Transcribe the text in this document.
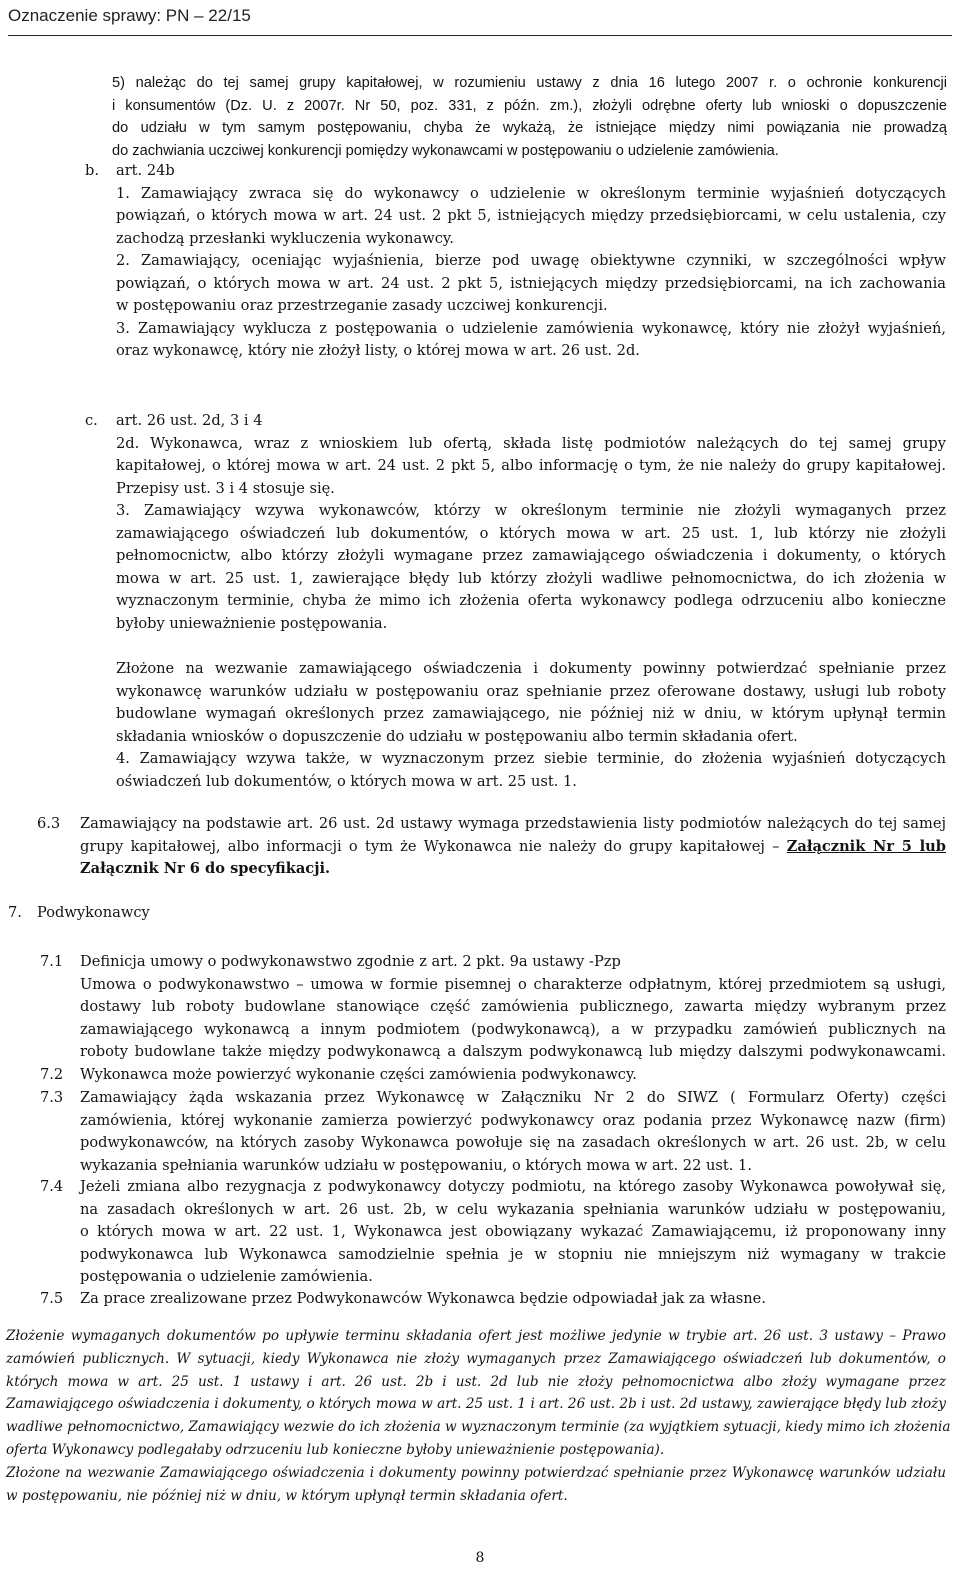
Oznaczenie sprawy: PN – 22/15
5) należąc do tej samej grupy kapitałowej, w rozumieniu ustawy z dnia 16 lutego 2007 r. o ochronie konkurencji
i konsumentów (Dz. U. z 2007r. Nr 50, poz. 331, z późn. zm.), złożyli odrębne oferty lub wnioski o dopuszczenie
do udziału w tym samym postępowaniu, chyba że wykażą, że istniejące między nimi powiązania nie prowadzą
do zachwiania uczciwej konkurencji pomiędzy wykonawcami w postępowaniu o udzielenie zamówienia.
b. art. 24b
1. Zamawiający zwraca się do wykonawcy o udzielenie w określonym terminie wyjaśnień dotyczących
powiązań, o których mowa w art. 24 ust. 2 pkt 5, istniejących między przedsiębiorcami, w celu ustalenia, czy
zachodzą przesłanki wykluczenia wykonawcy.
2. Zamawiający, oceniając wyjaśnienia, bierze pod uwagę obiektywne czynniki, w szczególności wpływ
powiązań, o których mowa w art. 24 ust. 2 pkt 5, istniejących między przedsiębiorcami, na ich zachowania
w postępowaniu oraz przestrzeganie zasady uczciwej konkurencji.
3. Zamawiający wyklucza z postępowania o udzielenie zamówienia wykonawcę, który nie złożył wyjaśnień,
oraz wykonawcę, który nie złożył listy, o której mowa w art. 26 ust. 2d.
c. art. 26 ust. 2d, 3 i 4
2d. Wykonawca, wraz z wnioskiem lub ofertą, składa listę podmiotów należących do tej samej grupy
kapitałowej, o której mowa w art. 24 ust. 2 pkt 5, albo informację o tym, że nie należy do grupy kapitałowej.
Przepisy ust. 3 i 4 stosuje się.
3. Zamawiający wzywa wykonawców, którzy w określonym terminie nie złożyli wymaganych przez
zamawiającego oświadczeń lub dokumentów, o których mowa w art. 25 ust. 1, lub którzy nie złożyli
pełnomocnictw, albo którzy złożyli wymagane przez zamawiającego oświadczenia i dokumenty, o których
mowa w art. 25 ust. 1, zawierające błędy lub którzy złożyli wadliwe pełnomocnictwa, do ich złożenia w
wyznaczonym terminie, chyba że mimo ich złożenia oferta wykonawcy podlega odrzuceniu albo konieczne
byłoby unieważnienie postępowania.
Złożone na wezwanie zamawiającego oświadczenia i dokumenty powinny potwierdzać spełnianie przez
wykonawcę warunków udziału w postępowaniu oraz spełnianie przez oferowane dostawy, usługi lub roboty
budowlane wymagań określonych przez zamawiającego, nie później niż w dniu, w którym upłynął termin
składania wniosków o dopuszczenie do udziału w postępowaniu albo termin składania ofert.
4. Zamawiający wzywa także, w wyznaczonym przez siebie terminie, do złożenia wyjaśnień dotyczących
oświadczeń lub dokumentów, o których mowa w art. 25 ust. 1.
6.3 Zamawiający na podstawie art. 26 ust. 2d ustawy wymaga przedstawienia listy podmiotów należących do tej samej
grupy kapitałowej, albo informacji o tym że Wykonawca nie należy do grupy kapitałowej – Załącznik Nr 5 lub
Załącznik Nr 6 do specyfikacji.
7. Podwykonawcy
7.1 Definicja umowy o podwykonawstwo zgodnie z art. 2 pkt. 9a ustawy -Pzp
Umowa o podwykonawstwo – umowa w formie pisemnej o charakterze odpłatnym, której przedmiotem są usługi,
dostawy lub roboty budowlane stanowiące część zamówienia publicznego, zawarta między wybranym przez
zamawiającego wykonawcą a innym podmiotem (podwykonawcą), a w przypadku zamówień publicznych na
roboty budowlane także między podwykonawcą a dalszym podwykonawcą lub między dalszymi podwykonawcami.
7.2 Wykonawca może powierzyć wykonanie części zamówienia podwykonawcy.
7.3 Zamawiający żąda wskazania przez Wykonawcę w Załączniku Nr 2 do SIWZ ( Formularz Oferty) części
zamówienia, której wykonanie zamierza powierzyć podwykonawcy oraz podania przez Wykonawcę nazw (firm)
podwykonawców, na których zasoby Wykonawca powołuje się na zasadach określonych w art. 26 ust. 2b, w celu
wykazania spełniania warunków udziału w postępowaniu, o których mowa w art. 22 ust. 1.
7.4 Jeżeli zmiana albo rezygnacja z podwykonawcy dotyczy podmiotu, na którego zasoby Wykonawca powoływał się,
na zasadach określonych w art. 26 ust. 2b, w celu wykazania spełniania warunków udziału w postępowaniu,
o których mowa w art. 22 ust. 1, Wykonawca jest obowiązany wykazać Zamawiającemu, iż proponowany inny
podwykonawca lub Wykonawca samodzielnie spełnia je w stopniu nie mniejszym niż wymagany w trakcie
postępowania o udzielenie zamówienia.
7.5 Za prace zrealizowane przez Podwykonawców Wykonawca będzie odpowiadał jak za własne.
Złożenie wymaganych dokumentów po upływie terminu składania ofert jest możliwe jedynie w trybie art. 26 ust. 3 ustawy – Prawo
zamówień publicznych. W sytuacji, kiedy Wykonawca nie złoży wymaganych przez Zamawiającego oświadczeń lub dokumentów, o
których mowa w art. 25 ust. 1 ustawy i art. 26 ust. 2b i ust. 2d lub nie złoży pełnomocnictwa albo złoży wymagane przez
Zamawiającego oświadczenia i dokumenty, o których mowa w art. 25 ust. 1 i art. 26 ust. 2b i ust. 2d ustawy, zawierające błędy lub złoży
wadliwe pełnomocnictwo, Zamawiający wezwie do ich złożenia w wyznaczonym terminie (za wyjątkiem sytuacji, kiedy mimo ich złożenia
oferta Wykonawcy podlegałaby odrzuceniu lub konieczne byłoby unieważnienie postępowania).
Złożone na wezwanie Zamawiającego oświadczenia i dokumenty powinny potwierdzać spełnianie przez Wykonawcę warunków udziału
w postępowaniu, nie później niż w dniu, w którym upłynął termin składania ofert.
8
